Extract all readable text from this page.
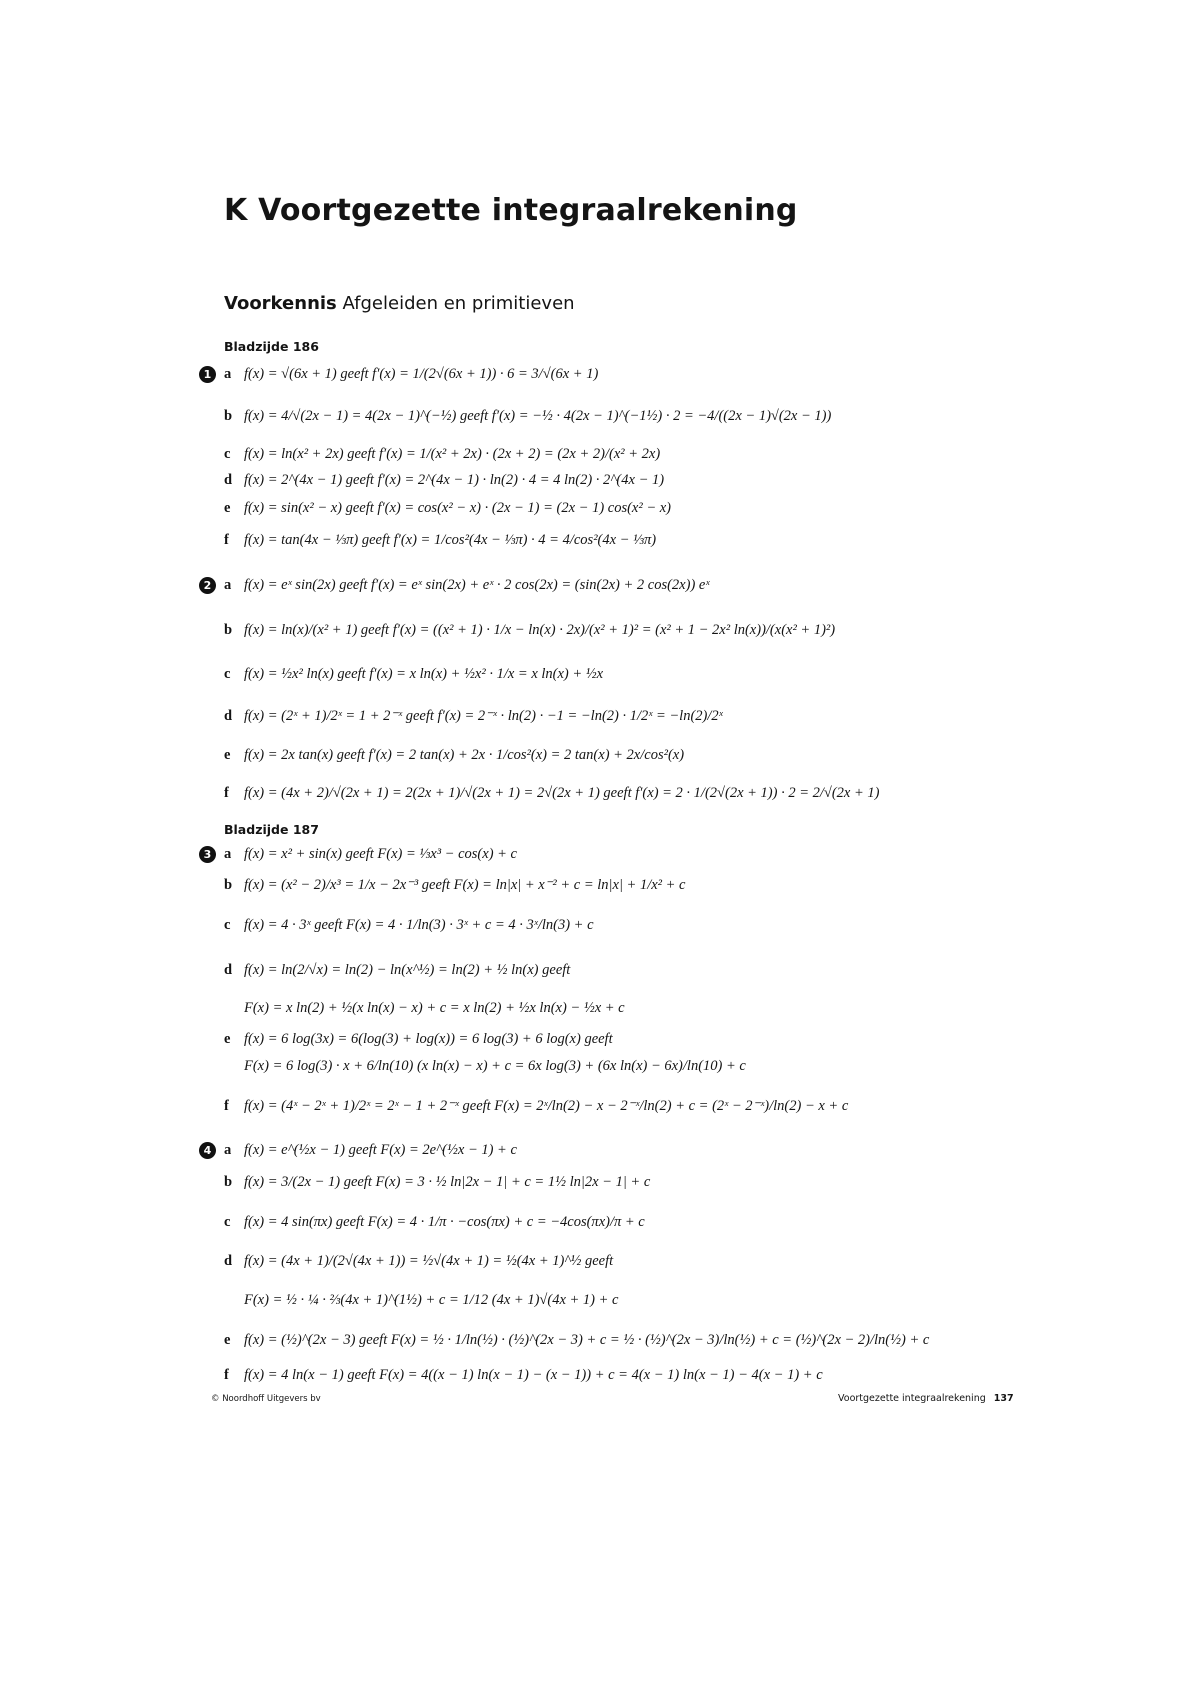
K Voortgezette integraalrekening

Voorkennis Afgeleiden en primitieven

Bladzijde 186
Bladzijde 187
1 a f(x) = √(6x + 1) geeft f′(x) = 1/(2√(6x + 1)) · 6 = 3/√(6x + 1)
b f(x) = 4/√(2x − 1) = 4(2x − 1)^(−½) geeft f′(x) = −½ · 4(2x − 1)^(−1½) · 2 = −4/((2x − 1)√(2x − 1))
c f(x) = ln(x² + 2x) geeft f′(x) = 1/(x² + 2x) · (2x + 2) = (2x + 2)/(x² + 2x)
d f(x) = 2^(4x − 1) geeft f′(x) = 2^(4x − 1) · ln(2) · 4 = 4 ln(2) · 2^(4x − 1)
e f(x) = sin(x² − x) geeft f′(x) = cos(x² − x) · (2x − 1) = (2x − 1) cos(x² − x)
f	f(x) = tan(4x − ⅓π) geeft f′(x) = 1/cos²(4x − ⅓π) · 4 = 4/cos²(4x − ⅓π)
2 a f(x) = eˣ sin(2x) geeft f′(x) = eˣ sin(2x) + eˣ · 2 cos(2x) = (sin(2x) + 2 cos(2x)) eˣ
b f(x) = ln(x)/(x² + 1) geeft f′(x) = ((x² + 1) · 1/x − ln(x) · 2x)/(x² + 1)² = (x² + 1 − 2x² ln(x))/(x(x² + 1)²)
c f(x) = ½x² ln(x) geeft f′(x) = x ln(x) + ½x² · 1/x = x ln(x) + ½x
d f(x) = (2ˣ + 1)/2ˣ = 1 + 2⁻ˣ geeft f′(x) = 2⁻ˣ · ln(2) · −1 = −ln(2) · 1/2ˣ = −ln(2)/2ˣ
e f(x) = 2x tan(x) geeft f′(x) = 2 tan(x) + 2x · 1/cos²(x) = 2 tan(x) + 2x/cos²(x)
f	f(x) = (4x + 2)/√(2x + 1) = 2(2x + 1)/√(2x + 1) = 2√(2x + 1) geeft f′(x) = 2 · 1/(2√(2x + 1)) · 2 = 2/√(2x + 1)
3 a f(x) = x² + sin(x) geeft F(x) = ⅓x³ − cos(x) + c
b f(x) = (x² − 2)/x³ = 1/x − 2x⁻³ geeft F(x) = ln|x| + x⁻² + c = ln|x| + 1/x² + c
c f(x) = 4 · 3ˣ geeft F(x) = 4 · 1/ln(3) · 3ˣ + c = 4 · 3ˣ/ln(3) + c
d f(x) = ln(2/√x) = ln(2) − ln(x^½) = ln(2) + ½ ln(x) geeft
F(x) = x ln(2) + ½(x ln(x) − x) + c = x ln(2) + ½x ln(x) − ½x + c
e f(x) = 6 log(3x) = 6(log(3) + log(x)) = 6 log(3) + 6 log(x) geeft
F(x) = 6 log(3) · x + 6/ln(10) (x ln(x) − x) + c = 6x log(3) + (6x ln(x) − 6x)/ln(10) + c
f	f(x) = (4ˣ − 2ˣ + 1)/2ˣ = 2ˣ − 1 + 2⁻ˣ geeft F(x) = 2ˣ/ln(2) − x − 2⁻ˣ/ln(2) + c = (2ˣ − 2⁻ˣ)/ln(2) − x + c
4 a f(x) = e^(½x − 1) geeft F(x) = 2e^(½x − 1) + c
b f(x) = 3/(2x − 1) geeft F(x) = 3 · ½ ln|2x − 1| + c = 1½ ln|2x − 1| + c
c f(x) = 4 sin(πx) geeft F(x) = 4 · 1/π · −cos(πx) + c = −4cos(πx)/π + c
d f(x) = (4x + 1)/(2√(4x + 1)) = ½√(4x + 1) = ½(4x + 1)^½ geeft
F(x) = ½ · ¼ · ⅔(4x + 1)^(1½) + c = 1/12 (4x + 1)√(4x + 1) + c
e f(x) = (½)^(2x − 3) geeft F(x) = ½ · 1/ln(½) · (½)^(2x − 3) + c = ½ · (½)^(2x − 3)/ln(½) + c = (½)^(2x − 2)/ln(½) + c
f	f(x) = 4 ln(x − 1) geeft F(x) = 4((x − 1) ln(x − 1) − (x − 1)) + c = 4(x − 1) ln(x − 1) − 4(x − 1) + c
© Noordhoff Uitgevers bv	Voortgezette integraalrekening 137
